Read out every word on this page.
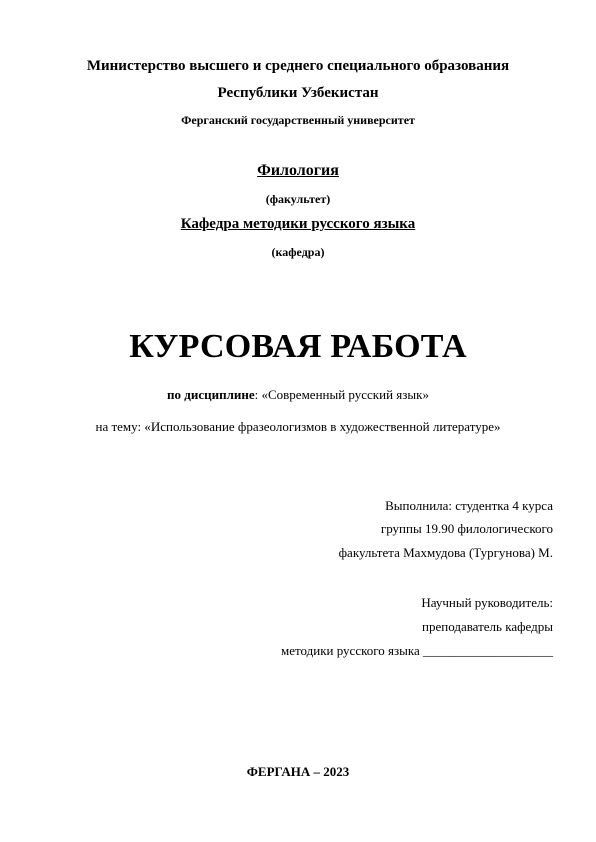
Министерство высшего и среднего специального образования
Республики Узбекистан
Ферганский государственный университет
Филология
(факультет)
Кафедра методики русского языка
(кафедра)
КУРСОВАЯ РАБОТА
по дисциплине: «Современный русский язык»
на тему: «Использование фразеологизмов в художественной литературе»
Выполнила: студентка 4 курса
группы 19.90 филологического
факультета Махмудова (Тургунова) М.
Научный руководитель:
преподаватель кафедры
методики русского языка ____________________
ФЕРГАНА – 2023
